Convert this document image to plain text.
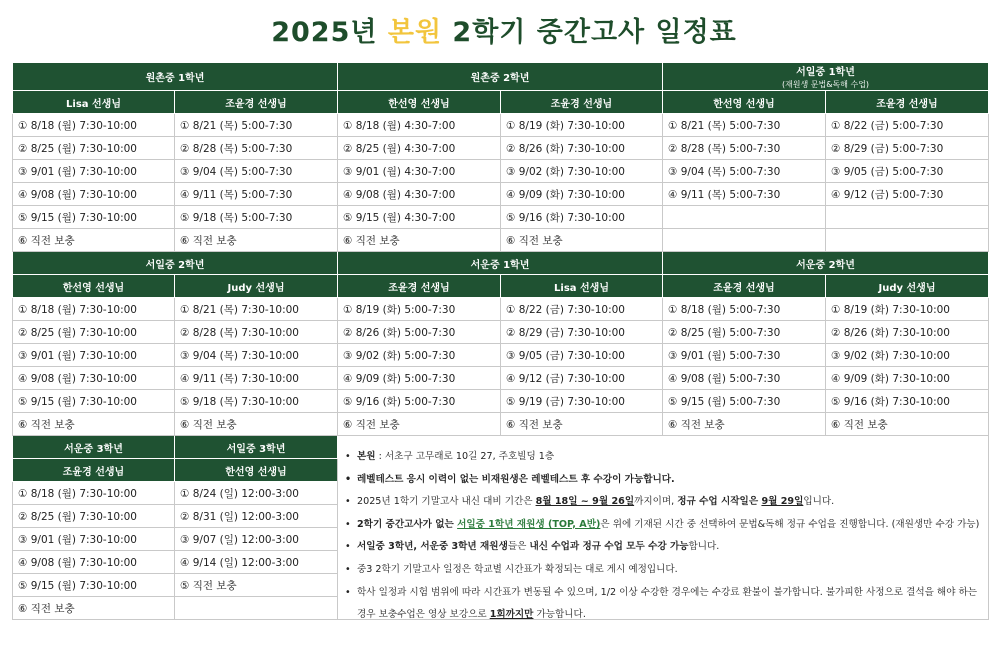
2025년 본원 2학기 중간고사 일정표
원촌중 1학년		원촌중 2학년		서일중 1학년
(재원생 문법&독해 수업)	

Lisa 선생님	조윤경 선생님	한선영 선생님	조윤경 선생님	한선영 선생님	조윤경 선생님
① 8/18 (월) 7:30-10:00	① 8/21 (목) 5:00-7:30	① 8/18 (월) 4:30-7:00	① 8/19 (화) 7:30-10:00	① 8/21 (목) 5:00-7:30	① 8/22 (금) 5:00-7:30
② 8/25 (월) 7:30-10:00	② 8/28 (목) 5:00-7:30	② 8/25 (월) 4:30-7:00	② 8/26 (화) 7:30-10:00	② 8/28 (목) 5:00-7:30	② 8/29 (금) 5:00-7:30
③ 9/01 (월) 7:30-10:00	③ 9/04 (목) 5:00-7:30	③ 9/01 (월) 4:30-7:00	③ 9/02 (화) 7:30-10:00	③ 9/04 (목) 5:00-7:30	③ 9/05 (금) 5:00-7:30
④ 9/08 (월) 7:30-10:00	④ 9/11 (목) 5:00-7:30	④ 9/08 (월) 4:30-7:00	④ 9/09 (화) 7:30-10:00	④ 9/11 (목) 5:00-7:30	④ 9/12 (금) 5:00-7:30
⑤ 9/15 (월) 7:30-10:00	⑤ 9/18 (목) 5:00-7:30	⑤ 9/15 (월) 4:30-7:00	⑤ 9/16 (화) 7:30-10:00		
⑥ 직전 보충	⑥ 직전 보충	⑥ 직전 보충	⑥ 직전 보충		
서일중 2학년		서운중 1학년		서운중 2학년	
한선영 선생님	Judy 선생님	조윤경 선생님	Lisa 선생님	조윤경 선생님	Judy 선생님
① 8/18 (월) 7:30-10:00	① 8/21 (목) 7:30-10:00	① 8/19 (화) 5:00-7:30	① 8/22 (금) 7:30-10:00	① 8/18 (월) 5:00-7:30	① 8/19 (화) 7:30-10:00
② 8/25 (월) 7:30-10:00	② 8/28 (목) 7:30-10:00	② 8/26 (화) 5:00-7:30	② 8/29 (금) 7:30-10:00	② 8/25 (월) 5:00-7:30	② 8/26 (화) 7:30-10:00
③ 9/01 (월) 7:30-10:00	③ 9/04 (목) 7:30-10:00	③ 9/02 (화) 5:00-7:30	③ 9/05 (금) 7:30-10:00	③ 9/01 (월) 5:00-7:30	③ 9/02 (화) 7:30-10:00
④ 9/08 (월) 7:30-10:00	④ 9/11 (목) 7:30-10:00	④ 9/09 (화) 5:00-7:30	④ 9/12 (금) 7:30-10:00	④ 9/08 (월) 5:00-7:30	④ 9/09 (화) 7:30-10:00
⑤ 9/15 (월) 7:30-10:00	⑤ 9/18 (목) 7:30-10:00	⑤ 9/16 (화) 5:00-7:30	⑤ 9/19 (금) 7:30-10:00	⑤ 9/15 (월) 5:00-7:30	⑤ 9/16 (화) 7:30-10:00
⑥ 직전 보충	⑥ 직전 보충	⑥ 직전 보충	⑥ 직전 보충	⑥ 직전 보충	⑥ 직전 보충
서운중 3학년	서일중 3학년				
조윤경 선생님	한선영 선생님				
① 8/18 (월) 7:30-10:00	① 8/24 (일) 12:00-3:00				
② 8/25 (월) 7:30-10:00	② 8/31 (일) 12:00-3:00				
③ 9/01 (월) 7:30-10:00	③ 9/07 (일) 12:00-3:00				
④ 9/08 (월) 7:30-10:00	④ 9/14 (일) 12:00-3:00				
⑤ 9/15 (월) 7:30-10:00	⑤ 직전 보충				
⑥ 직전 보충					
• 본원 : 서초구 고무래로 10길 27, 주호빌딩 1층
• 레벨테스트 응시 이력이 없는 비재원생은 레벨테스트 후 수강이 가능합니다.
• 2025년 1학기 기말고사 내신 대비 기간은 8월 18일 ~ 9월 26일까지이며, 정규 수업 시작일은 9월 29일입니다.
• 2학기 중간고사가 없는 서일중 1학년 재원생 (TOP, A반)은 위에 기재된 시간 중 선택하여 문법&독해 정규 수업을 진행합니다. (재원생만 수강 가능)
• 서일중 3학년, 서운중 3학년 재원생들은 내신 수업과 정규 수업 모두 수강 가능합니다.
• 중3 2학기 기말고사 일정은 학교별 시간표가 확정되는 대로 게시 예정입니다.
• 학사 일정과 시험 범위에 따라 시간표가 변동될 수 있으며, 1/2 이상 수강한 경우에는 수강료 환불이 불가합니다. 불가피한 사정으로 결석을 해야 하는 경우 보충수업은 영상 보강으로 1회까지만 가능합니다.
